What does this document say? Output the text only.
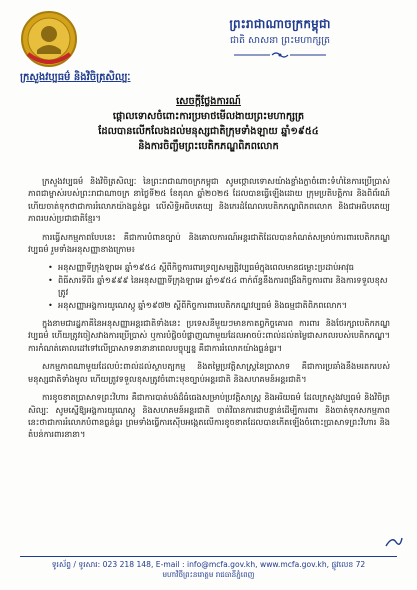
ព្រះរាជាណាចក្រកម្ពុជា
ជាតិ សាសនា ព្រះមហាក្សត្រ
ក្រសួងវប្បធម៌ និងវិចិត្រសិល្បៈ
សេចក្តីថ្លែងការណ៍
ផ្តោលទោសចំពោះការប្រមាថមើលងាយព្រះមហាក្សត្រ
ដែលបានលើកលែងដល់មនុស្សជាតិក្រុមទាំងឡាយ ឆ្នាំ១៩៥៤
និងការចិញ្ចឹមព្រះបេតិកភណ្ឌពិភពលោក

ក្រសួងវប្បធម៌ និងវិចិត្រសិល្បៈ នៃព្រះរាជាណាចក្រកម្ពុជា សូមថ្កោលទោសយ៉ាងខ្លាំងក្លាចំពោះទំហំនៃការប្រើប្រាស់ភាពជាម្ចាស់របស់ព្រះរាជាណាចក្រ នាថ្ងៃទី២៥ ខែតុលា ឆ្នាំ២០២៥ ដែលបានធ្វើឡើងដោយ ក្រុមប្រតិបត្តិការ និងពិព័រណ៍ ហើយចាត់ទុកថាជាការរំលោភយ៉ាងធ្ងន់ធ្ងរ លើសិទ្ធិអធិបតេយ្យ និងកេរដំណែលបេតិកភណ្ឌពិភពលោក និងជាអធិបតេយ្យភាពរបស់ប្រជាជាតិខ្មែរ។

ការធ្វើសកម្មភាពបែបនេះ គឺជាការបំពានច្បាប់ និងគោលការណ៍អន្តរជាតិដែលបានកំណត់សម្រាប់ការពារបេតិកភណ្ឌវប្បធម៌ រួមទាំងអនុសញ្ញាខាងក្រោម៖

• អនុសញ្ញាទីក្រុងឡាអេ ឆ្នាំ១៩៥៤ ស្តីពីកិច្ចការពារទ្រព្យសម្បត្តិវប្បធម៌ក្នុងពេលមានជម្លោះប្រដាប់អាវុធ
• ពិធីសារទីពីរ ឆ្នាំ១៩៩៩ នៃអនុសញ្ញាទីក្រុងឡាអេ ឆ្នាំ១៩៥៤ ពាក់ព័ន្ធនឹងការពង្រឹងកិច្ចការពារ និងការទទួលខុសត្រូវ
• អនុសញ្ញាអង្គការយូណេស្កូ ឆ្នាំ១៩៧២ ស្តីពីកិច្ចការពារបេតិកភណ្ឌវប្បធម៌ និងធម្មជាតិពិភពលោក។

ក្នុងនាមជារដ្ឋភាគីនៃអនុសញ្ញាអន្តរជាតិទាំងនេះ ប្រទេសនីមួយៗមានកាតព្វកិច្ចគោរព ការពារ និងថែរក្សាបេតិកភណ្ឌវប្បធម៌ ហើយត្រូវចៀសវាងការប្រើប្រាស់ ឬការបំផ្លិចបំផ្លាញណាមួយដែលអាចប៉ះពាល់ដល់តម្លៃជាសកលរបស់បេតិកភណ្ឌ។ ការកំណត់គោលដៅទៅលើប្រាសាទនានានាពេលបច្ចុប្បន្ន គឺជាការរំលោភយ៉ាងធ្ងន់ធ្ងរ។

សកម្មភាពណាមួយដែលប៉ះពាល់ដល់ស្ថាបត្យកម្ម និងតម្លៃប្រវត្តិសាស្ត្រនៃប្រាសាទ គឺជាការប្រឆាំងនឹងមរតករបស់មនុស្សជាតិទាំងមូល ហើយត្រូវទទួលខុសត្រូវចំពោះមុខច្បាប់អន្តរជាតិ និងសហគមន៍អន្តរជាតិ។

ការខូចខាតប្រាសាទព្រះវិហារ គឺជាការបាត់បង់ដ៏ធំធេងសម្រាប់ប្រវត្តិសាស្ត្រ និងអរិយធម៌ ដែលក្រសួងវប្បធម៌ និងវិចិត្រសិល្បៈ សូមស្នើឱ្យអង្គការយូណេស្កូ និងសហគមន៍អន្តរជាតិ ចាត់វិធានការជាបន្ទាន់ដើម្បីការពារ និងចាត់ទុកសកម្មភាពនេះថាជាការរំលោភបំពានធ្ងន់ធ្ងរ ព្រមទាំងធ្វើការស៊ើបអង្កេតលើការខូចខាតដែលបានកើតឡើងចំពោះប្រាសាទព្រះវិហារ និងតំបន់ការពារនានា។

ទូរស័ព្ទ / ទូរសារ: 023 218 148, E-mail : info@mcfa.gov.kh, www.mcfa.gov.kh, ផ្លូវលេខ 72
មហាវិថីព្រះនរោត្តម រាជធានីភ្នំពេញ
